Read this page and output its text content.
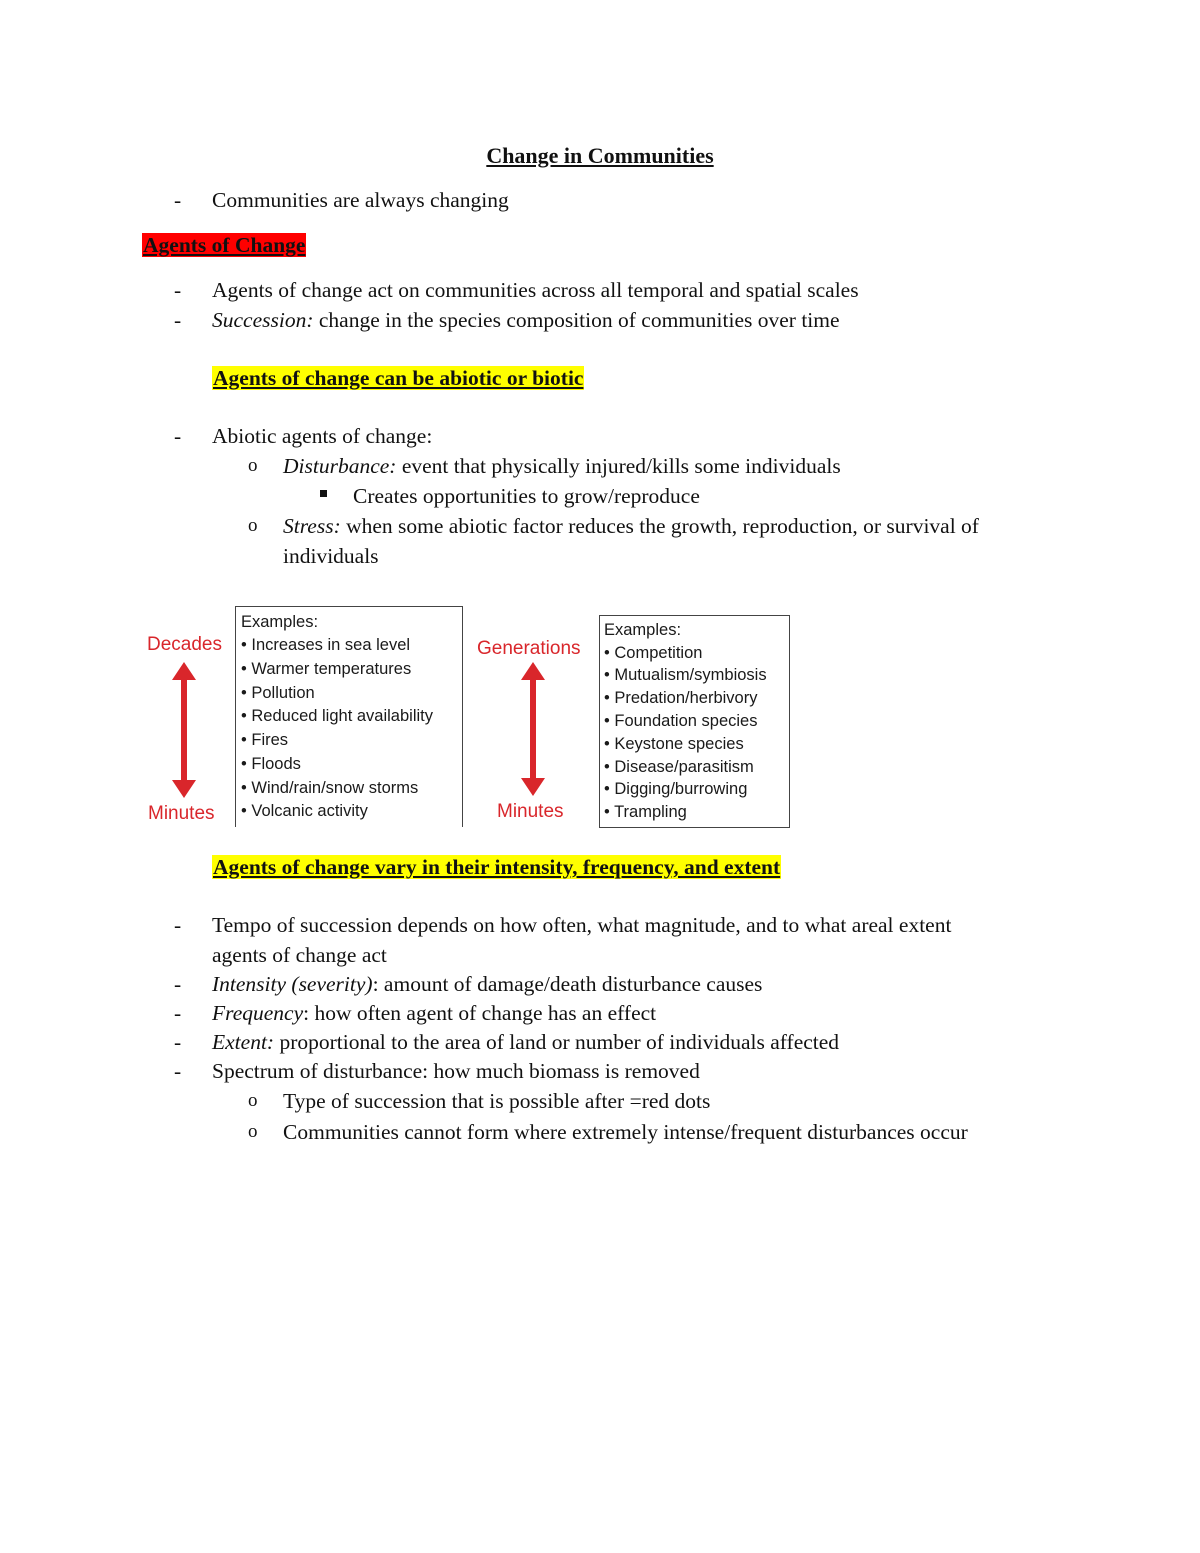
Change in Communities
- Communities are always changing
Agents of Change
- Agents of change act on communities across all temporal and spatial scales
- Succession: change in the species composition of communities over time
Agents of change can be abiotic or biotic
- Abiotic agents of change:
o Disturbance: event that physically injured/kills some individuals
Creates opportunities to grow/reproduce
o Stress: when some abiotic factor reduces the growth, reproduction, or survival of
individuals
Decades
Minutes
Examples:
• Increases in sea level
• Warmer temperatures
• Pollution
• Reduced light availability
• Fires
• Floods
• Wind/rain/snow storms
• Volcanic activity
Generations
Minutes
Examples:
• Competition
• Mutualism/symbiosis
• Predation/herbivory
• Foundation species
• Keystone species
• Disease/parasitism
• Digging/burrowing
• Trampling
Agents of change vary in their intensity, frequency, and extent
- Tempo of succession depends on how often, what magnitude, and to what areal extent
agents of change act
- Intensity (severity): amount of damage/death disturbance causes
- Frequency: how often agent of change has an effect
- Extent: proportional to the area of land or number of individuals affected
- Spectrum of disturbance: how much biomass is removed
o Type of succession that is possible after =red dots
o Communities cannot form where extremely intense/frequent disturbances occur
